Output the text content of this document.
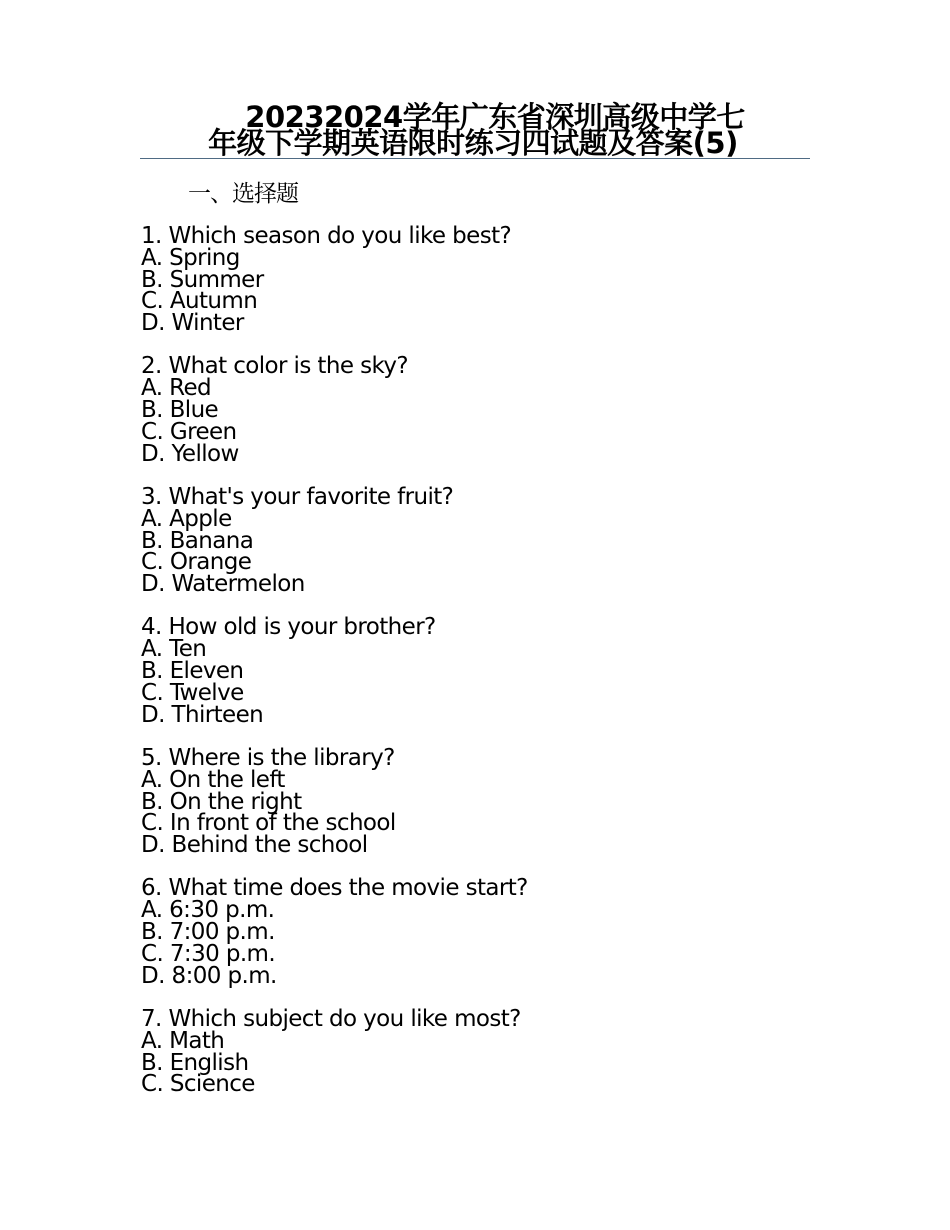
20232024学年广东省深圳高级中学七
年级下学期英语限时练习四试题及答案(5)
一、选择题
1. Which season do you like best?
A. Spring
B. Summer
C. Autumn
D. Winter
2. What color is the sky?
A. Red
B. Blue
C. Green
D. Yellow
3. What's your favorite fruit?
A. Apple
B. Banana
C. Orange
D. Watermelon
4. How old is your brother?
A. Ten
B. Eleven
C. Twelve
D. Thirteen
5. Where is the library?
A. On the left
B. On the right
C. In front of the school
D. Behind the school
6. What time does the movie start?
A. 6:30 p.m.
B. 7:00 p.m.
C. 7:30 p.m.
D. 8:00 p.m.
7. Which subject do you like most?
A. Math
B. English
C. Science
